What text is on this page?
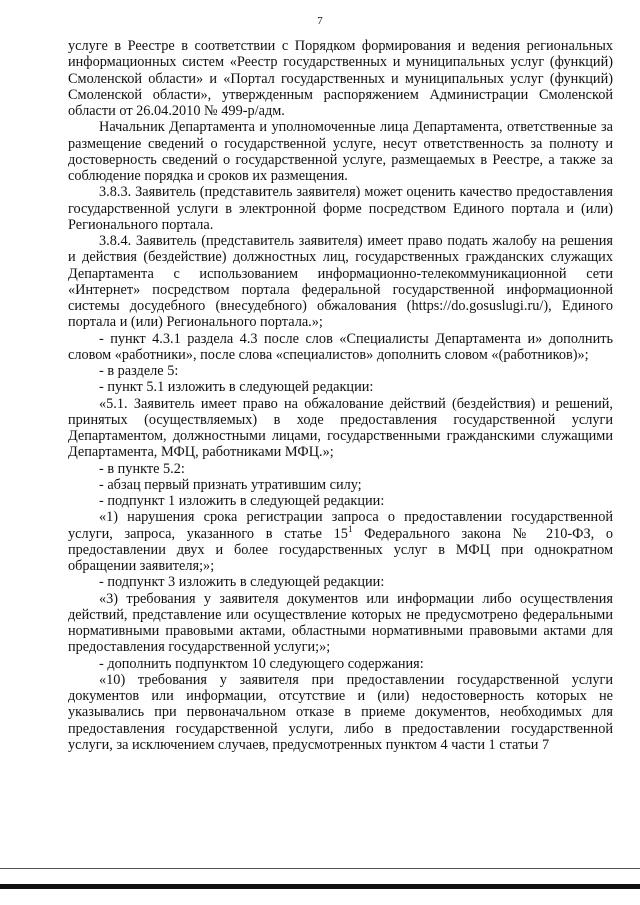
7

услуге в Реестре в соответствии с Порядком формирования и ведения региональных информационных систем «Реестр государственных и муниципальных услуг (функций) Смоленской области» и «Портал государственных и муниципальных услуг (функций) Смоленской области», утвержденным распоряжением Администрации Смоленской области от 26.04.2010 № 499-р/адм.

Начальник Департамента и уполномоченные лица Департамента, ответственные за размещение сведений о государственной услуге, несут ответственность за полноту и достоверность сведений о государственной услуге, размещаемых в Реестре, а также за соблюдение порядка и сроков их размещения.

3.8.3. Заявитель (представитель заявителя) может оценить качество предоставления государственной услуги в электронной форме посредством Единого портала и (или) Регионального портала.

3.8.4. Заявитель (представитель заявителя) имеет право подать жалобу на решения и действия (бездействие) должностных лиц, государственных гражданских служащих Департамента с использованием информационно-телекоммуникационной сети «Интернет» посредством портала федеральной государственной информационной системы досудебного (внесудебного) обжалования (https://do.gosuslugi.ru/), Единого портала и (или) Регионального портала.»;

- пункт 4.3.1 раздела 4.3 после слов «Специалисты Департамента и» дополнить словом «работники», после слова «специалистов» дополнить словом «(работников)»;

- в разделе 5:

- пункт 5.1 изложить в следующей редакции:

«5.1. Заявитель имеет право на обжалование действий (бездействия) и решений, принятых (осуществляемых) в ходе предоставления государственной услуги Департаментом, должностными лицами, государственными гражданскими служащими Департамента, МФЦ, работниками МФЦ.»;

- в пункте 5.2:

- абзац первый признать утратившим силу;

- подпункт 1 изложить в следующей редакции:

«1) нарушения срока регистрации запроса о предоставлении государственной услуги, запроса, указанного в статье $15^1$ Федерального закона № 210-ФЗ, о предоставлении двух и более государственных услуг в МФЦ при однократном обращении заявителя;»;

- подпункт 3 изложить в следующей редакции:

«3) требования у заявителя документов или информации либо осуществления действий, представление или осуществление которых не предусмотрено федеральными нормативными правовыми актами, областными нормативными правовыми актами для предоставления государственной услуги;»;

- дополнить подпунктом 10 следующего содержания:

«10) требования у заявителя при предоставлении государственной услуги документов или информации, отсутствие и (или) недостоверность которых не указывались при первоначальном отказе в приеме документов, необходимых для предоставления государственной услуги, либо в предоставлении государственной услуги, за исключением случаев, предусмотренных пунктом 4 части 1 статьи 7
